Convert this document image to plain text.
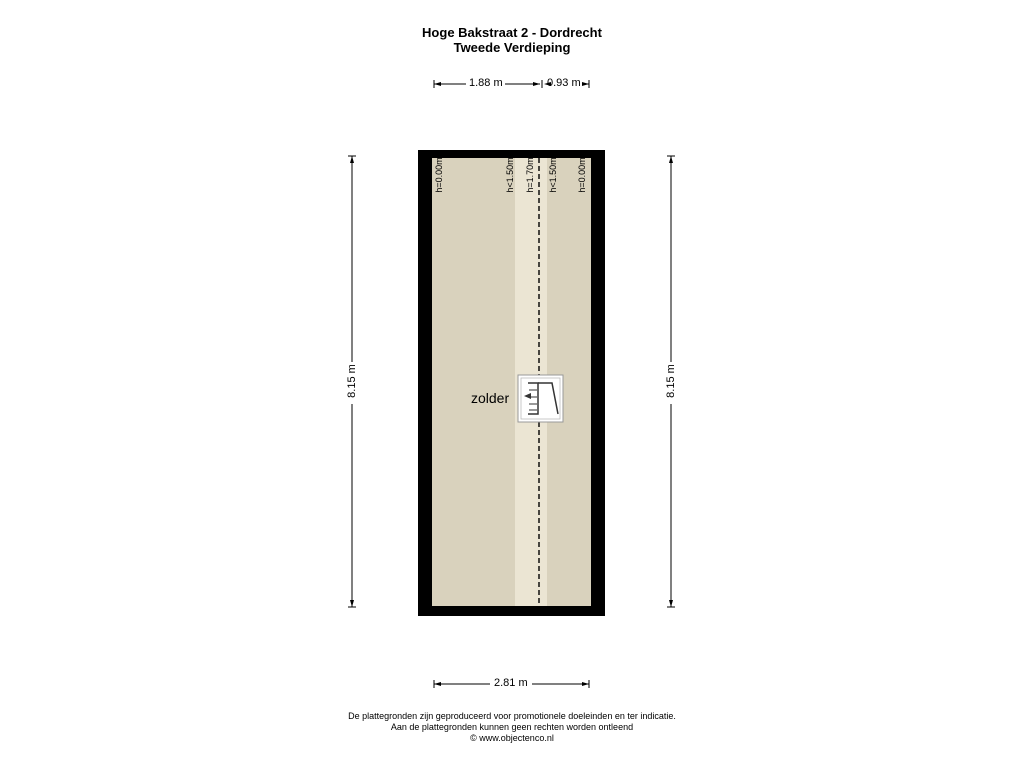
Hoge Bakstraat 2 - Dordrecht
Tweede Verdieping
1.88 m	0.93 m
8.15 m	8.15 m
2.81 m
h=0.00m	h<1.50m h=1.70m h<1.50m h=0.00m
zolder
De plattegronden zijn geproduceerd voor promotionele doeleinden en ter indicatie.
Aan de plattegronden kunnen geen rechten worden ontleend
© www.objectenco.nl
